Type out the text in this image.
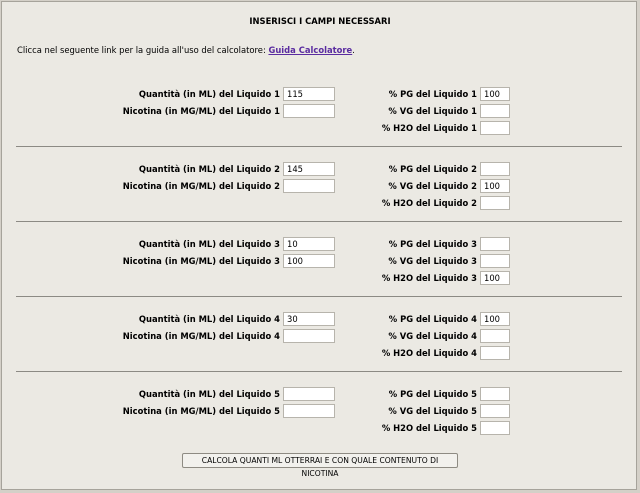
INSERISCI I CAMPI NECESSARI
Clicca nel seguente link per la guida all'uso del calcolatore: Guida Calcolatore.
Quantità (in ML) del Liquido 1
115
Nicotina (in MG/ML) del Liquido 1
% PG del Liquido 1
100
% VG del Liquido 1
% H2O del Liquido 1
Quantità (in ML) del Liquido 2
145
Nicotina (in MG/ML) del Liquido 2
% PG del Liquido 2
% VG del Liquido 2
100
% H2O del Liquido 2
Quantità (in ML) del Liquido 3
10
Nicotina (in MG/ML) del Liquido 3
100
% PG del Liquido 3
% VG del Liquido 3
% H2O del Liquido 3
100
Quantità (in ML) del Liquido 4
30
Nicotina (in MG/ML) del Liquido 4
% PG del Liquido 4
100
% VG del Liquido 4
% H2O del Liquido 4
Quantità (in ML) del Liquido 5
Nicotina (in MG/ML) del Liquido 5
% PG del Liquido 5
% VG del Liquido 5
% H2O del Liquido 5
CALCOLA QUANTI ML OTTERRAI E CON QUALE CONTENUTO DI NICOTINA
